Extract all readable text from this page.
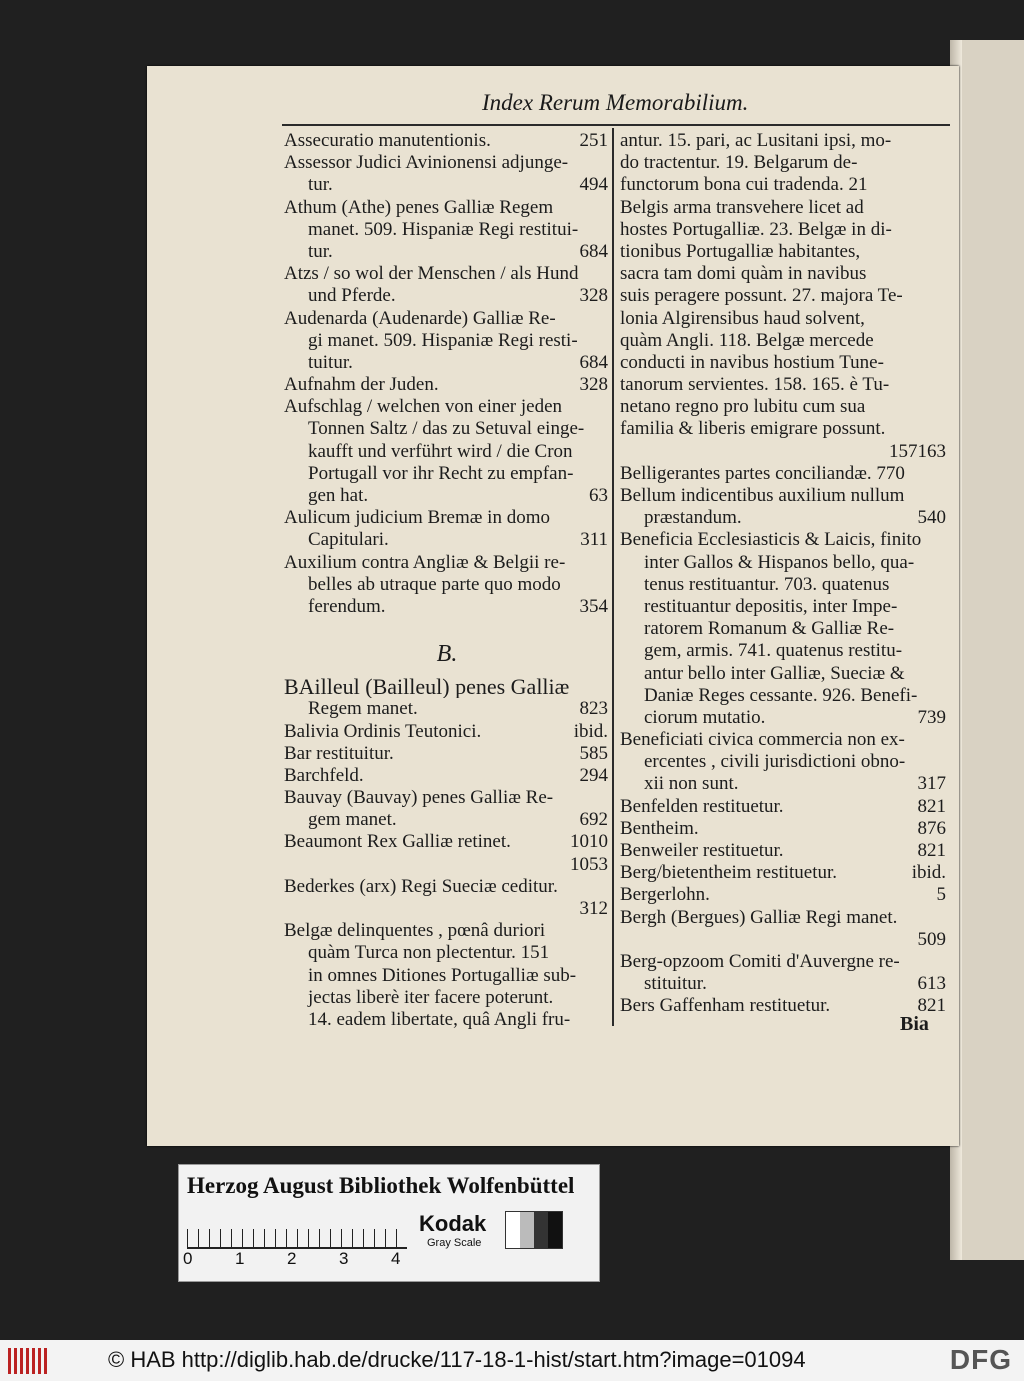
Index Rerum Memorabilium.
Assecuratio manutentionis.	251
Assessor Judici Avinionensi adjunge-
tur.	494
Athum (Athe) penes Galliæ Regem
manet. 509. Hispaniæ Regi restitui-
tur.	684
Atzs / so wol der Menschen / als Hund
und Pferde.	328
Audenarda (Audenarde) Galliæ Re-
gi manet. 509. Hispaniæ Regi resti-
tuitur.	684
Aufnahm der Juden.	328
Aufschlag / welchen von einer jeden
Tonnen Saltz / das zu Setuval einge-
kaufft und verführt wird / die Cron
Portugall vor ihr Recht zu empfan-
gen hat.	63
Aulicum judicium Bremæ in domo
Capitulari.	311
Auxilium contra Angliæ & Belgii re-
belles ab utraque parte quo modo
ferendum.	354
B.
BAilleul (Bailleul) penes Galliæ
Regem manet.	823
Balivia Ordinis Teutonici.	ibid.
Bar restituitur.	585
Barchfeld.	294
Bauvay (Bauvay) penes Galliæ Re-
gem manet.	692
Beaumont Rex Galliæ retinet.	1010
1053
Bederkes (arx) Regi Sueciæ ceditur.
312
Belgæ delinquentes , pœnâ duriori
quàm Turca non plectentur. 151
in omnes Ditiones Portugalliæ sub-
jectas liberè iter facere poterunt.
14. eadem libertate, quâ Angli fru-
antur. 15. pari, ac Lusitani ipsi, mo-
do tractentur. 19. Belgarum de-
functorum bona cui tradenda. 21
Belgis arma transvehere licet ad
hostes Portugalliæ. 23. Belgæ in di-
tionibus Portugalliæ habitantes,
sacra tam domi quàm in navibus
suis peragere possunt. 27. majora Te-
lonia Algirensibus haud solvent,
quàm Angli. 118. Belgæ mercede
conducti in navibus hostium Tune-
tanorum servientes. 158. 165. è Tu-
netano regno pro lubitu cum sua
familia & liberis emigrare possunt.
157163
Belligerantes partes conciliandæ. 770
Bellum indicentibus auxilium nullum
præstandum.	540
Beneficia Ecclesiasticis & Laicis, finito
inter Gallos & Hispanos bello, qua-
tenus restituantur. 703. quatenus
restituantur depositis, inter Impe-
ratorem Romanum & Galliæ Re-
gem, armis. 741. quatenus restitu-
antur bello inter Galliæ, Sueciæ &
Daniæ Reges cessante. 926. Benefi-
ciorum mutatio.	739
Beneficiati civica commercia non ex-
ercentes , civili jurisdictioni obno-
xii non sunt.	317
Benfelden restituetur.	821
Bentheim.	876
Benweiler restituetur.	821
Berg/bietentheim restituetur.	ibid.
Bergerlohn.	5
Bergh (Bergues) Galliæ Regi manet.
509
Berg-opzoom Comiti d'Auvergne re-
stituitur.	613
Bers Gaffenham restituetur.	821
Bia
Herzog August Bibliothek Wolfenbüttel
0	1	2	3	4
Kodak
Gray Scale
© HAB http://diglib.hab.de/drucke/117-18-1-hist/start.htm?image=01094	DFG
